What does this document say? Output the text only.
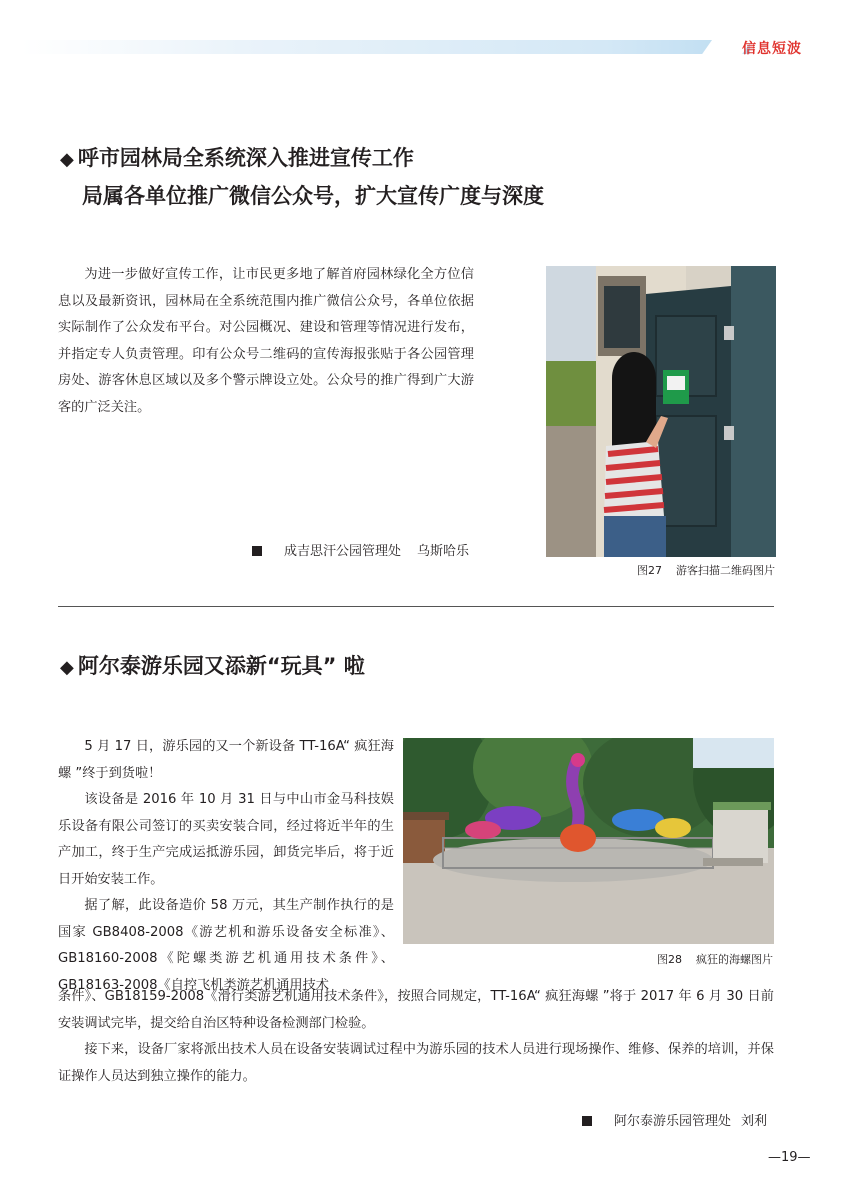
信息短波
◆ 呼市园林局全系统深入推进宣传工作
局属各单位推广微信公众号，扩大宣传广度与深度

为进一步做好宣传工作，让市民更多地了解首府园林绿化全方位信息以及最新资讯，园林局在全系统范围内推广微信公众号，各单位依据实际制作了公众发布平台。对公园概况、建设和管理等情况进行发布，并指定专人负责管理。印有公众号二维码的宣传海报张贴于各公园管理房处、游客休息区域以及多个警示牌设立处。公众号的推广得到广大游客的广泛关注。

成吉思汗公园管理处 乌斯哈乐
图27 游客扫描二维码图片
◆ 阿尔泰游乐园又添新“玩具” 啦

5 月 17 日，游乐园的又一个新设备 TT-16A“ 疯狂海螺 ”终于到货啦！

该设备是 2016 年 10 月 31 日与中山市金马科技娱乐设备有限公司签订的买卖安装合同，经过将近半年的生产加工，终于生产完成运抵游乐园，卸货完毕后，将于近日开始安装工作。

据了解，此设备造价 58 万元，其生产制作执行的是国家 GB8408-2008《游艺机和游乐设备安全标准》、GB18160-2008《陀螺类游艺机通用技术条件》、GB18163-2008《自控飞机类游艺机通用技术

条件》、GB18159-2008《滑行类游艺机通用技术条件》，按照合同规定，TT-16A“ 疯狂海螺 ”将于 2017 年 6 月 30 日前安装调试完毕，提交给自治区特种设备检测部门检验。

接下来，设备厂家将派出技术人员在设备安装调试过程中为游乐园的技术人员进行现场操作、维修、保养的培训，并保证操作人员达到独立操作的能力。

图28 疯狂的海螺图片
阿尔泰游乐园管理处 刘利
—19—
